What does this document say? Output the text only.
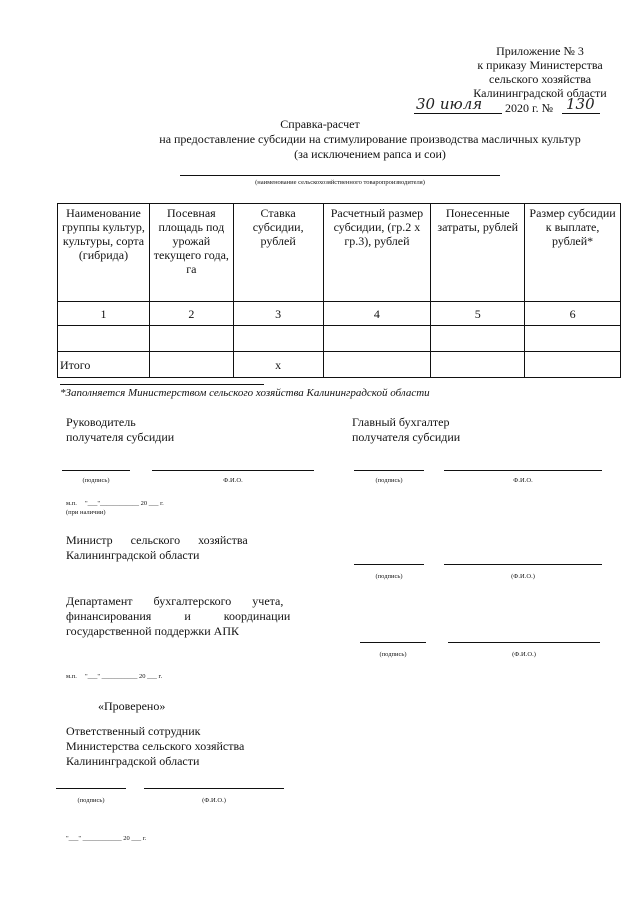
Приложение № 3
к приказу Министерства
сельского хозяйства
Калининградской области
30 июля 2020 г. № 130
Справка-расчет
на предоставление субсидии на стимулирование производства масличных культур
(за исключением рапса и сои)
(наименование сельскохозяйственного товаропроизводителя)
Наименование группы культур, культуры, сорта (гибрида)	Посевная площадь под урожай текущего года, га	Ставка субсидии, рублей	Расчетный размер субсидии, (гр.2 х гр.3), рублей	Понесенные затраты, рублей	Размер субсидии к выплате, рублей*
1	2	3	4	5	6

Итого		х			
*Заполняется Министерством сельского хозяйства Калининградской области
Руководитель
получателя субсидии
Главный бухгалтер
получателя субсидии
(подпись)	Ф.И.О.	(подпись)	Ф.И.О.
м.п.     "___"____________ 20 ___ г.
(при наличии)
Министр      сельского      хозяйства
Калининградской области
(подпись)	(Ф.И.О.)
Департамент       бухгалтерского       учета,
финансирования           и           координации
государственной поддержки АПК
(подпись)	(Ф.И.О.)
м.п.     "___" ___________ 20 ___ г.
«Проверено»
Ответственный сотрудник
Министерства сельского хозяйства
Калининградской области
(подпись)	(Ф.И.О.)
"___" ____________ 20 ___ г.
